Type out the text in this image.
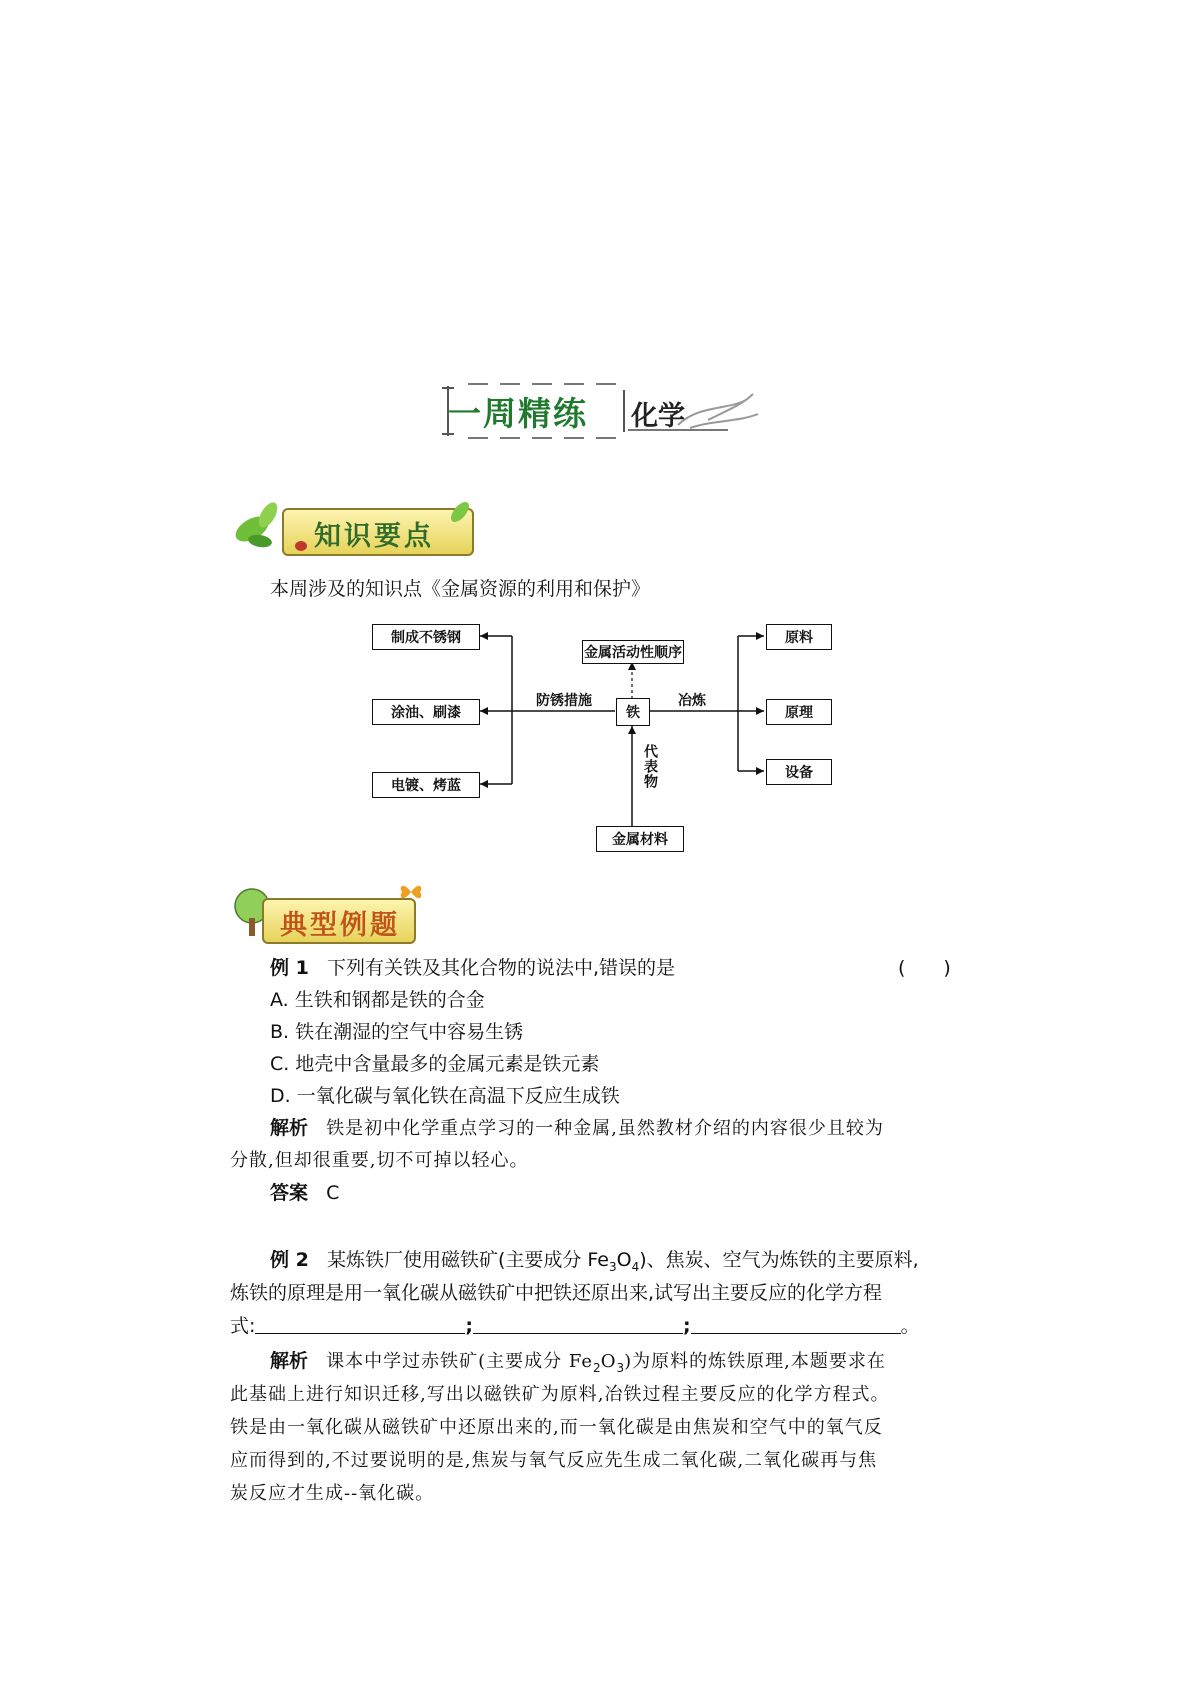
一周精练 化学
知识要点
本周涉及的知识点《金属资源的利用和保护》
制成不锈钢
涂油、刷漆
电镀、烤蓝
金属活动性顺序
铁
金属材料
原料
原理
设备
防锈措施	冶炼
代表物
典型例题
例 1 下列有关铁及其化合物的说法中,错误的是	(　　)
A. 生铁和钢都是铁的合金
B. 铁在潮湿的空气中容易生锈
C. 地壳中含量最多的金属元素是铁元素
D. 一氧化碳与氧化铁在高温下反应生成铁
解析 铁是初中化学重点学习的一种金属,虽然教材介绍的内容很少且较为
分散,但却很重要,切不可掉以轻心。
答案 C
例 2 某炼铁厂使用磁铁矿(主要成分 $Fe_3O_4$)、焦炭、空气为炼铁的主要原料,
炼铁的原理是用一氧化碳从磁铁矿中把铁还原出来,试写出主要反应的化学方程
式:	;	;	。
解析 课本中学过赤铁矿(主要成分 $Fe_2O_3$)为原料的炼铁原理,本题要求在
此基础上进行知识迁移,写出以磁铁矿为原料,冶铁过程主要反应的化学方程式。
铁是由一氧化碳从磁铁矿中还原出来的,而一氧化碳是由焦炭和空气中的氧气反
应而得到的,不过要说明的是,焦炭与氧气反应先生成二氧化碳,二氧化碳再与焦
炭反应才生成--氧化碳。
